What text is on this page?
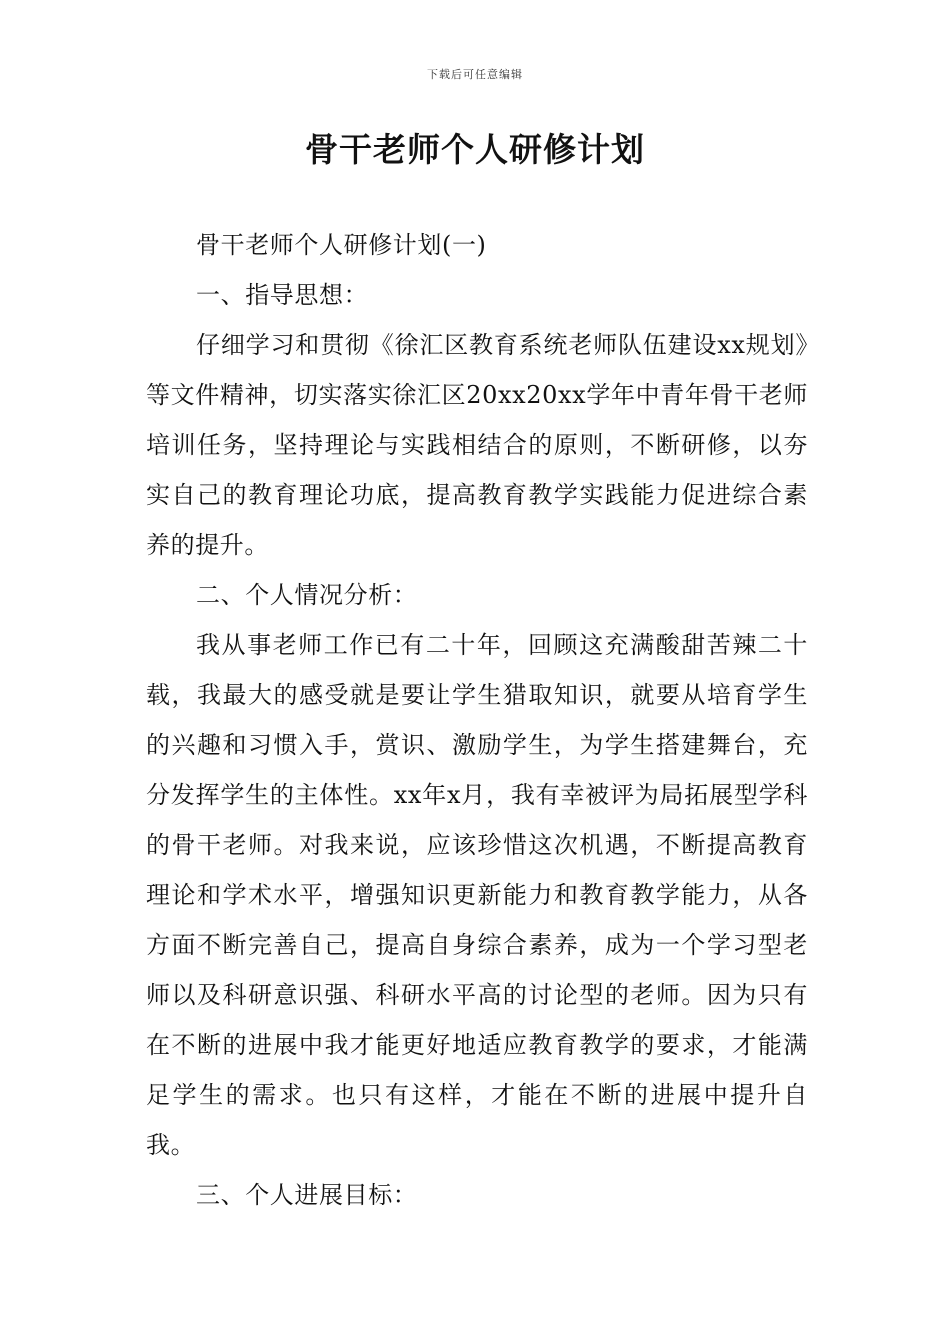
下载后可任意编辑
骨干老师个人研修计划

骨干老师个人研修计划(一)

一、指导思想：

仔细学习和贯彻《徐汇区教育系统老师队伍建设xx规划》等文件精神，切实落实徐汇区20xx20xx学年中青年骨干老师培训任务，坚持理论与实践相结合的原则，不断研修，以夯实自己的教育理论功底，提高教育教学实践能力促进综合素养的提升。

二、个人情况分析：

我从事老师工作已有二十年，回顾这充满酸甜苦辣二十载，我最大的感受就是要让学生猎取知识，就要从培育学生的兴趣和习惯入手，赏识、激励学生，为学生搭建舞台，充分发挥学生的主体性。xx年x月，我有幸被评为局拓展型学科的骨干老师。对我来说，应该珍惜这次机遇，不断提高教育理论和学术水平，增强知识更新能力和教育教学能力，从各方面不断完善自己，提高自身综合素养，成为一个学习型老师以及科研意识强、科研水平高的讨论型的老师。因为只有在不断的进展中我才能更好地适应教育教学的要求，才能满足学生的需求。也只有这样，才能在不断的进展中提升自我。

三、个人进展目标：
